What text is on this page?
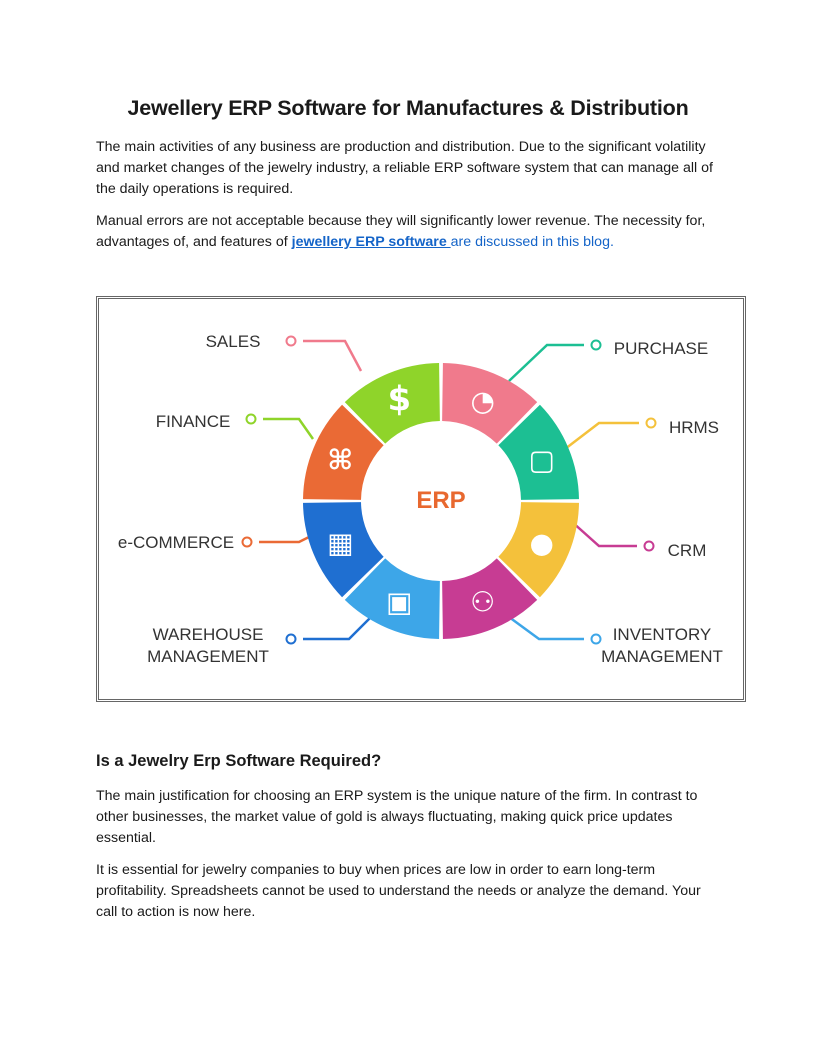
Jewellery ERP Software for Manufactures & Distribution

The main activities of any business are production and distribution. Due to the significant volatility and market changes of the jewelry industry, a reliable ERP software system that can manage all of the daily operations is required.

Manual errors are not acceptable because they will significantly lower revenue. The necessity for, advantages of, and features of jewellery ERP software are discussed in this blog.

◔
▢
●
⚇
▣
▦
⌘
$
ERP
SALES	PURCHASE
HRMS
CRM
INVENTORY
MANAGEMENT
WAREHOUSE
MANAGEMENT
e-COMMERCE
FINANCE
Is a Jewelry Erp Software Required?

The main justification for choosing an ERP system is the unique nature of the firm. In contrast to other businesses, the market value of gold is always fluctuating, making quick price updates essential.

It is essential for jewelry companies to buy when prices are low in order to earn long-term profitability. Spreadsheets cannot be used to understand the needs or analyze the demand. Your call to action is now here.
